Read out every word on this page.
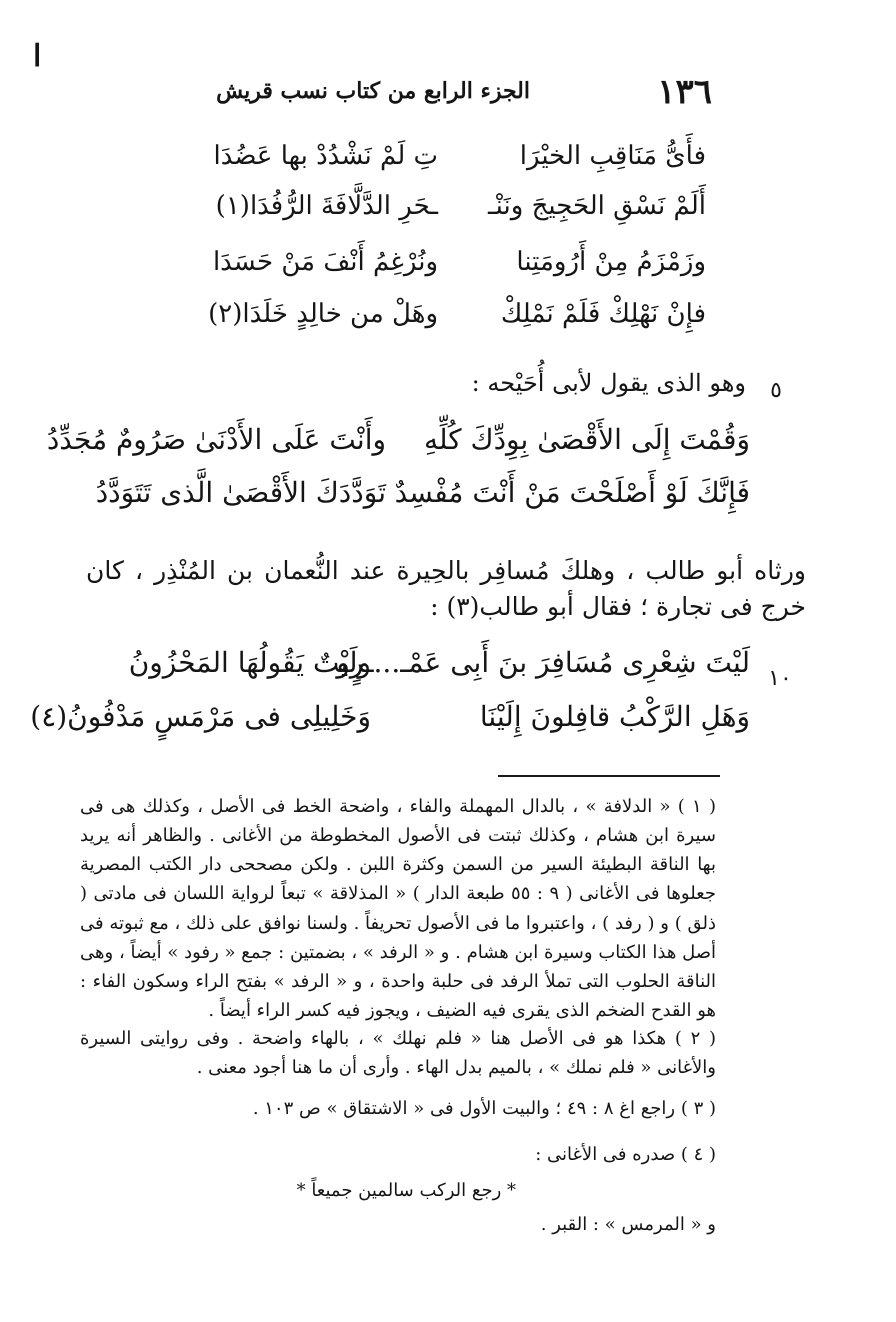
ا
الجزء الرابع من كتاب نسب قريش	١٣٦
فأَىُّ مَنَاقِبِ الخيْرَا
تِ لَمْ نَشْدُدْ بها عَضُدَا
أَلَمْ نَسْقِ الحَجِيجَ ونَنْـ
ـحَرِ الدَّلَّافَةَ الرُّفُدَا(١)
وزَمْزَمُ مِنْ أَرُومَتِنا
ونُرْغِمُ أَنْفَ مَنْ حَسَدَا
فإِنْ نَهْلِكْ فَلَمْ نَمْلِكْ
وهَلْ من خالِدٍ خَلَدَا(٢)
وهو الذى يقول لأبى أُحَيْحه :	٥
وَقُمْتَ إِلَى الأَقْصَىٰ بِوِدِّكَ كُلِّهِ
وأَنْتَ عَلَى الأَدْنَىٰ صَرُومٌ مُجَدِّدُ
فَإِنَّكَ لَوْ أَصْلَحْتَ مَنْ أَنْتَ مُفْسِدٌ
تَوَدَّدَكَ الأَقْصَىٰ الَّذى تَتَوَدَّدُ
ورثاه أبو طالب ، وهلكَ مُسافِر بالحِيرة عند النُّعمان بن المُنْذِر ، كان خرج فى تجارة ؛ فقال أبو طالب(٣) :
١٠
لَيْتَ شِعْرِى مُسَافِرَ بنَ أَبِى عَمْـ...ـرٍو
ولَيْتٌ يَقُولُهَا المَحْزُونُ
وَهَلِ الرَّكْبُ قافِلونَ إِلَيْنَا
وَخَلِيلِى فى مَرْمَسٍ مَدْفُونُ(٤)
( ١ ) « الدلافة » ، بالدال المهملة والفاء ، واضحة الخط فى الأصل ، وكذلك هى فى سيرة ابن هشام ، وكذلك ثبتت فى الأصول المخطوطة من الأغانى . والظاهر أنه يريد بها الناقة البطيئة السير من السمن وكثرة اللبن . ولكن مصححى دار الكتب المصرية جعلوها فى الأغانى ( ٩ : ٥٥ طبعة الدار ) « المذلاقة » تبعاً لرواية اللسان فى مادتى ( ذلق ) و ( رفد ) ، واعتبروا ما فى الأصول تحريفاً . ولسنا نوافق على ذلك ، مع ثبوته فى أصل هذا الكتاب وسيرة ابن هشام . و « الرفد » ، بضمتين : جمع « رفود » أيضاً ، وهى الناقة الحلوب التى تملأ الرفد فى حلبة واحدة ، و « الرفد » بفتح الراء وسكون الفاء : هو القدح الضخم الذى يقرى فيه الضيف ، ويجوز فيه كسر الراء أيضاً .
( ٢ ) هكذا هو فى الأصل هنا « فلم نهلك » ، بالهاء واضحة . وفى روايتى السيرة والأغانى « فلم نملك » ، بالميم بدل الهاء . وأرى أن ما هنا أجود معنى .
( ٣ ) راجع اغ ٨ : ٤٩ ؛ والبيت الأول فى « الاشتقاق » ص ١٠٣ .
( ٤ ) صدره فى الأغانى :
* رجع الركب سالمين جميعاً *
و « المرمس » : القبر .
